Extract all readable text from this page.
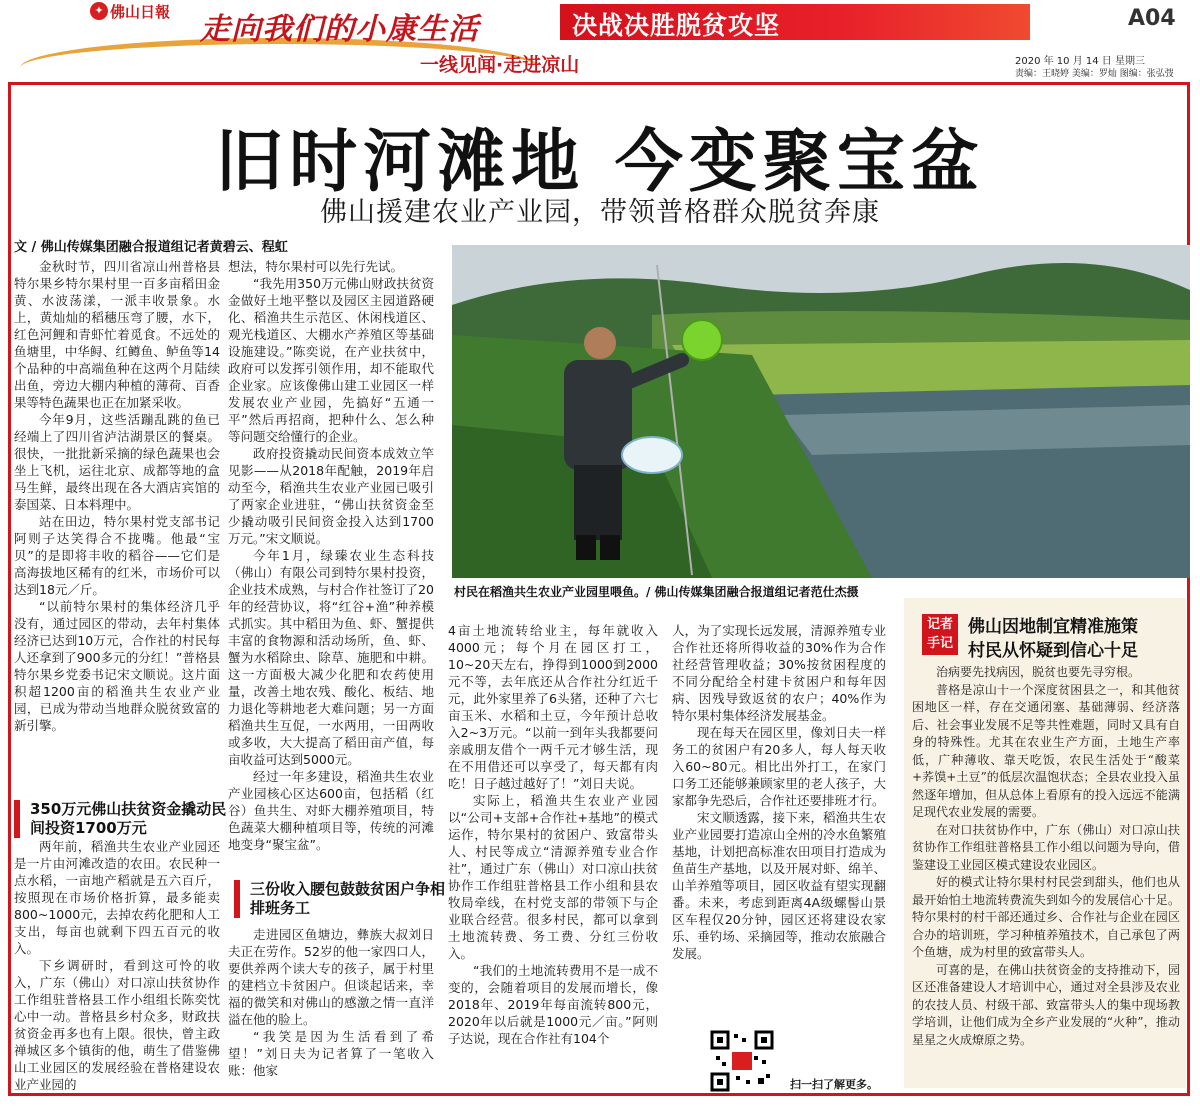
✦ 佛山日報 走向我们的小康生活	决战决胜脱贫攻坚
一线见闻·走进凉山
A04
2020 年 10 月 14 日 星期三
责编：王晓婷 美编：罗灿 图编：张弘弢
旧时河滩地 今变聚宝盆
佛山援建农业产业园，带领普格群众脱贫奔康
文 / 佛山传媒集团融合报道组记者黄碧云、程虹

金秋时节，四川省凉山州普格县特尔果乡特尔果村里一百多亩稻田金黄、水波荡漾，一派丰收景象。水上，黄灿灿的稻穗压弯了腰，水下，红色河鲤和青虾忙着觅食。不远处的鱼塘里，中华鲟、红鳟鱼、鲈鱼等14个品种的中高端鱼种在这两个月陆续出鱼，旁边大棚内种植的薄荷、百香果等特色蔬果也正在加紧采收。

今年9月，这些活蹦乱跳的鱼已经端上了四川省泸沽湖景区的餐桌。很快，一批批新采摘的绿色蔬果也会坐上飞机，运往北京、成都等地的盒马生鲜，最终出现在各大酒店宾馆的泰国菜、日本料理中。

站在田边，特尔果村党支部书记阿则子达笑得合不拢嘴。他最“宝贝”的是即将丰收的稻谷——它们是高海拔地区稀有的红米，市场价可以达到18元／斤。

“以前特尔果村的集体经济几乎没有，通过园区的带动，去年村集体经济已达到10万元，合作社的村民每人还拿到了900多元的分红！”普格县特尔果乡党委书记宋文顺说。这片面积超1200亩的稻渔共生农业产业园，已成为带动当地群众脱贫致富的新引擎。

350万元佛山扶贫资金撬动民间投资1700万元

两年前，稻渔共生农业产业园还是一片由河滩改造的农田。农民种一点水稻，一亩地产稻就是五六百斤，按照现在市场价格折算，最多能卖800~1000元，去掉农药化肥和人工支出，每亩也就剩下四五百元的收入。

下乡调研时，看到这可怜的收入，广东（佛山）对口凉山扶贫协作工作组驻普格县工作小组组长陈奕忱心中一动。普格县乡村众多，财政扶贫资金再多也有上限。很快，曾主政禅城区多个镇街的他，萌生了借鉴佛山工业园区的发展经验在普格建设农业产业园的

想法，特尔果村可以先行先试。

“我先用350万元佛山财政扶贫资金做好土地平整以及园区主园道路硬化、稻渔共生示范区、休闲栈道区、观光栈道区、大棚水产养殖区等基础设施建设。”陈奕说，在产业扶贫中，政府可以发挥引领作用，却不能取代企业家。应该像佛山建工业园区一样发展农业产业园，先搞好“五通一平”然后再招商，把种什么、怎么种等问题交给懂行的企业。

政府投资撬动民间资本成效立竿见影——从2018年配触，2019年启动至今，稻渔共生农业产业园已吸引了两家企业进驻，“佛山扶贫资金至少撬动吸引民间资金投入达到1700万元。”宋文顺说。

今年1月，绿臻农业生态科技（佛山）有限公司到特尔果村投资，企业技术成熟，与村合作社签订了20年的经营协议，将“红谷+渔”种养模式抓实。其中稻田为鱼、虾、蟹提供丰富的食物源和活动场所，鱼、虾、蟹为水稻除虫、除草、施肥和中耕。这一方面极大减少化肥和农药使用量，改善土地农残、酸化、板结、地力退化等耕地老大难问题；另一方面稻渔共生互促，一水两用，一田两收或多收，大大提高了稻田亩产值，每亩收益可达到5000元。

经过一年多建设，稻渔共生农业产业园核心区达600亩，包括稻（红谷）鱼共生、对虾大棚养殖项目，特色蔬菜大棚种植项目等，传统的河滩地变身“聚宝盆”。

三份收入腰包鼓鼓贫困户争相排班务工

走进园区鱼塘边，彝族大叔刘日夫正在劳作。52岁的他一家四口人，要供养两个读大专的孩子，属于村里的建档立卡贫困户。但谈起话来，幸福的微笑和对佛山的感激之情一直洋溢在他的脸上。

“我笑是因为生活看到了希望！”刘日夫为记者算了一笔收入账：他家

村民在稻渔共生农业产业园里喂鱼。/ 佛山传媒集团融合报道组记者范仕杰摄

4亩土地流转给业主，每年就收入4000元；每个月在园区打工，10~20天左右，挣得到1000到2000元不等，去年底还从合作社分红近千元，此外家里养了6头猪，还种了六七亩玉米、水稻和土豆，今年预计总收入2~3万元。“以前一到年头我都要问亲戚朋友借个一两千元才够生活，现在不用借还可以享受了，每天都有肉吃！日子越过越好了！”刘日夫说。

实际上，稻渔共生农业产业园以“公司+支部+合作社+基地”的模式运作，特尔果村的贫困户、致富带头人、村民等成立“清源养殖专业合作社”，通过广东（佛山）对口凉山扶贫协作工作组驻普格县工作小组和县农牧局牵线，在村党支部的带领下与企业联合经营。很多村民，都可以拿到土地流转费、务工费、分红三份收入。

“我们的土地流转费用不是一成不变的，会随着项目的发展而增长，像2018年、2019年每亩流转800元，2020年以后就是1000元／亩。”阿则子达说，现在合作社有104个

人，为了实现长远发展，清源养殖专业合作社还将所得收益的30%作为合作社经营管理收益；30%按贫困程度的不同分配给全村建卡贫困户和每年因病、因残导致返贫的农户；40%作为特尔果村集体经济发展基金。

现在每天在园区里，像刘日夫一样务工的贫困户有20多人，每人每天收入60~80元。相比出外打工，在家门口务工还能够兼顾家里的老人孩子，大家都争先恐后，合作社还要排班才行。

宋文顺透露，接下来，稻渔共生农业产业园要打造凉山全州的冷水鱼繁殖基地，计划把高标准农田项目打造成为鱼苗生产基地，以及开展对虾、绵羊、山羊养殖等项目，园区收益有望实现翻番。未来，考虑到距离4A级螺髻山景区车程仅20分钟，园区还将建设农家乐、垂钓场、采摘园等，推动农旅融合发展。

扫一扫了解更多。
记者
手记
佛山因地制宜精准施策
村民从怀疑到信心十足

治病要先找病因，脱贫也要先寻穷根。

普格是凉山十一个深度贫困县之一，和其他贫困地区一样，存在交通闭塞、基础薄弱、经济落后、社会事业发展不足等共性难题，同时又具有自身的特殊性。尤其在农业生产方面，土地生产率低，广种薄收、靠天吃饭，农民生活处于“酸菜+荞馍+土豆”的低层次温饱状态；全县农业投入虽然逐年增加，但从总体上看原有的投入远远不能满足现代农业发展的需要。

在对口扶贫协作中，广东（佛山）对口凉山扶贫协作工作组驻普格县工作小组以问题为导向，借鉴建设工业园区模式建设农业园区。

好的模式让特尔果村村民尝到甜头，他们也从最开始怕土地流转费流失到如今的发展信心十足。特尔果村的村干部还通过乡、合作社与企业在园区合办的培训班，学习种植养殖技术，自己承包了两个鱼塘，成为村里的致富带头人。

可喜的是，在佛山扶贫资金的支持推动下，园区还准备建设人才培训中心，通过对全县涉及农业的农技人员、村级干部、致富带头人的集中现场教学培训，让他们成为全乡产业发展的“火种”，推动星星之火成燎原之势。
